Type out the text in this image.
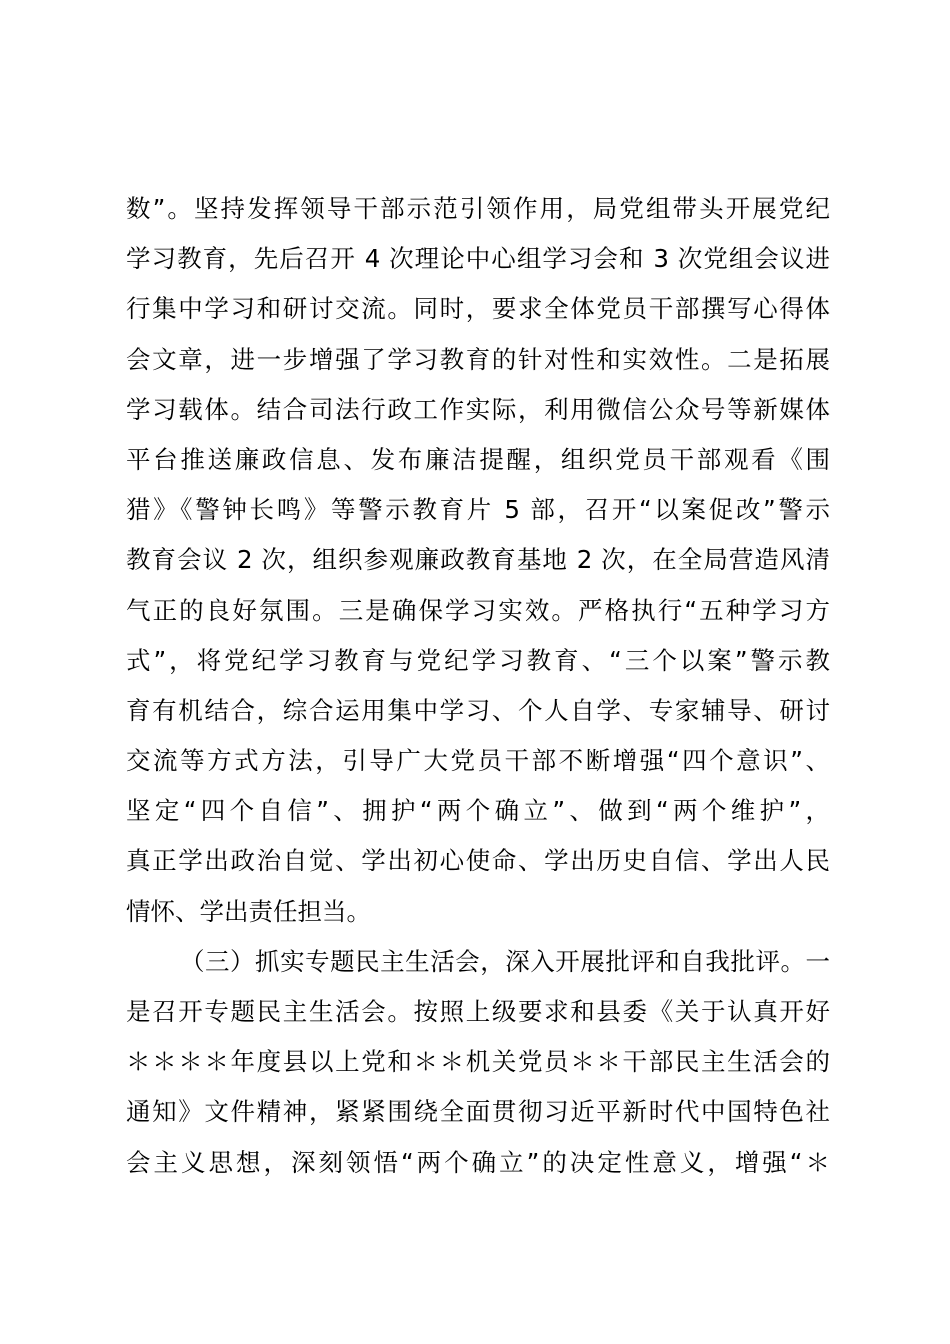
数”。坚持发挥领导干部示范引领作用，局党组带头开展党纪
学习教育，先后召开 4 次理论中心组学习会和 3 次党组会议进
行集中学习和研讨交流。同时，要求全体党员干部撰写心得体
会文章，进一步增强了学习教育的针对性和实效性。二是拓展
学习载体。结合司法行政工作实际，利用微信公众号等新媒体
平台推送廉政信息、发布廉洁提醒，组织党员干部观看《围
猎》《警钟长鸣》等警示教育片 5 部，召开“以案促改”警示
教育会议 2 次，组织参观廉政教育基地 2 次，在全局营造风清
气正的良好氛围。三是确保学习实效。严格执行“五种学习方
式”，将党纪学习教育与党纪学习教育、“三个以案”警示教
育有机结合，综合运用集中学习、个人自学、专家辅导、研讨
交流等方式方法，引导广大党员干部不断增强“四个意识”、
坚定“四个自信”、拥护“两个确立”、做到“两个维护”，
真正学出政治自觉、学出初心使命、学出历史自信、学出人民
情怀、学出责任担当。
（三）抓实专题民主生活会，深入开展批评和自我批评。一
是召开专题民主生活会。按照上级要求和县委《关于认真开好
＊＊＊＊年度县以上党和＊＊机关党员＊＊干部民主生活会的
通知》文件精神，紧紧围绕全面贯彻习近平新时代中国特色社
会主义思想，深刻领悟“两个确立”的决定性意义，增强“＊
